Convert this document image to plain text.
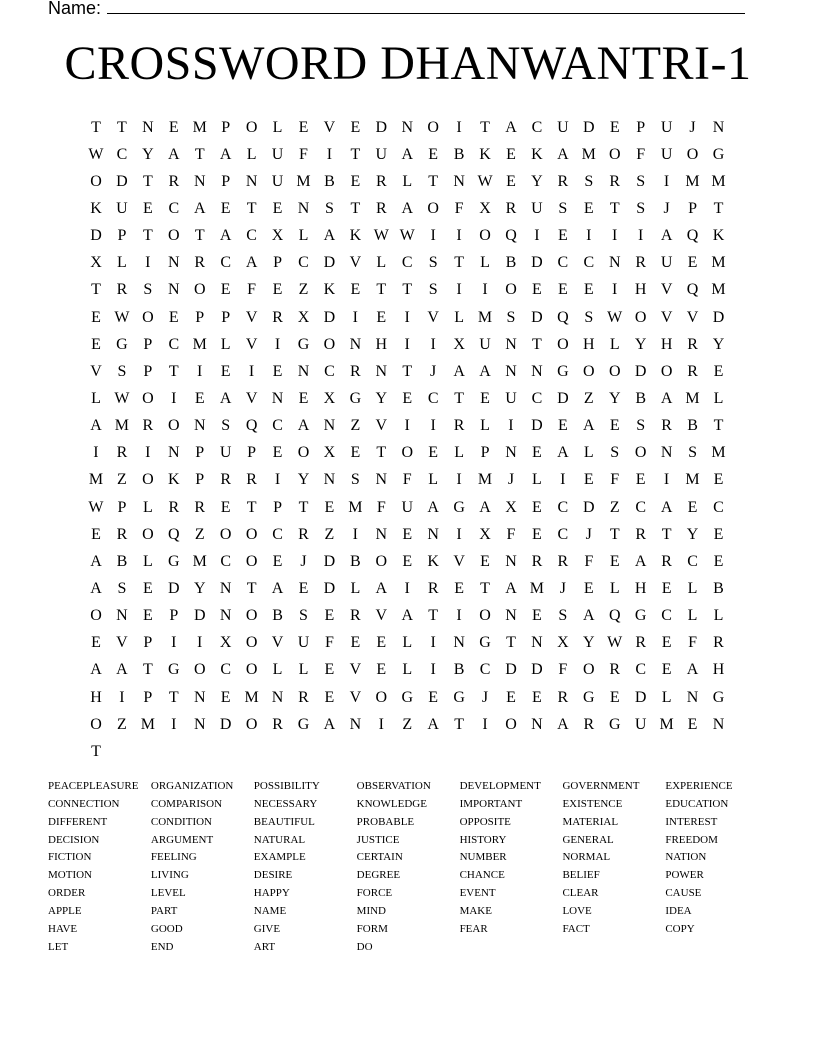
Name:
CROSSWORD DHANWANTRI-1
T	T N E M P O L	E V E D N O	I	T A C U D E	P U	J	N
W C Y A T A L U F	I	T U A E B K E K A M O F U O G
O D T R N P N U M B E R L	T N W E Y R	S	R	S	I	M M
K U E C A E	T	E N S	T R A O F X R U S	E	T	S	J	P	T
D P	T O T A C X L A K W W I	I	O Q	I	E	I	I	I	A Q K
X L	I	N R C A P	C D V L C	S	T	L B D C C N R U E M
T R	S N O E	F	E	Z K E	T	T	S	I	I	O E	E	E	I	H V Q M
E W O E	P	P V R X D	I	E	I	V L M S D Q S W O V V D
E G P	C M L V	I	G O N H	I	I	X U N T O H L Y H R Y
V S	P	T	I	E	I	E N C R N T	J	A A N N G O O D O R E
L W O	I	E A V N E X G Y E C T	E U C D Z Y B A M L
A M R O N S Q C A N Z V	I	I	R L	I	D E A E	S	R B T
I	R	I	N P U P	E O X E	T O E	L	P N E A L	S O N S M
M Z O K P	R R	I	Y N S N F	L	I	M J	L	I	E	F	E	I	M E
W P	L R R E	T	P	T	E M F U A G A X E C D Z C A E C
E R O Q Z O O C R Z	I	N E N	I	X F	E C	J	T R T Y E
A B L G M C O E	J	D B O E K V E N R R	F	E A R C E
A S	E D Y N T A E D L A	I	R E	T A M J	E	L H E	L B
O N E	P D N O B	S	E R V A T	I	O N E	S A Q G C L	L
E V P	I	I	X O V U F	E	E	L	I	N G T N X Y W R E	F	R
A A T G O C O L	L	E V E	L	I	B C D D F O R C E A H
H	I	P	T N E M N R E V O G E G	J	E	E R G E D L N G
O Z M	I	N D O R G A N	I	Z A T	I	O N A R G U M E N
T
PEACEPLEASURE	ORGANIZATION	POSSIBILITY	OBSERVATION	DEVELOPMENT	GOVERNMENT	EXPERIENCE
CONNECTION	COMPARISON	NECESSARY	KNOWLEDGE	IMPORTANT	EXISTENCE	EDUCATION
DIFFERENT	CONDITION	BEAUTIFUL	PROBABLE	OPPOSITE	MATERIAL	INTEREST
DECISION	ARGUMENT	NATURAL	JUSTICE	HISTORY	GENERAL	FREEDOM
FICTION	FEELING	EXAMPLE	CERTAIN	NUMBER	NORMAL	NATION
MOTION	LIVING	DESIRE	DEGREE	CHANCE	BELIEF	POWER
ORDER	LEVEL	HAPPY	FORCE	EVENT	CLEAR	CAUSE
APPLE	PART	NAME	MIND	MAKE	LOVE	IDEA
HAVE	GOOD	GIVE	FORM	FEAR	FACT	COPY
LET	END	ART	DO
